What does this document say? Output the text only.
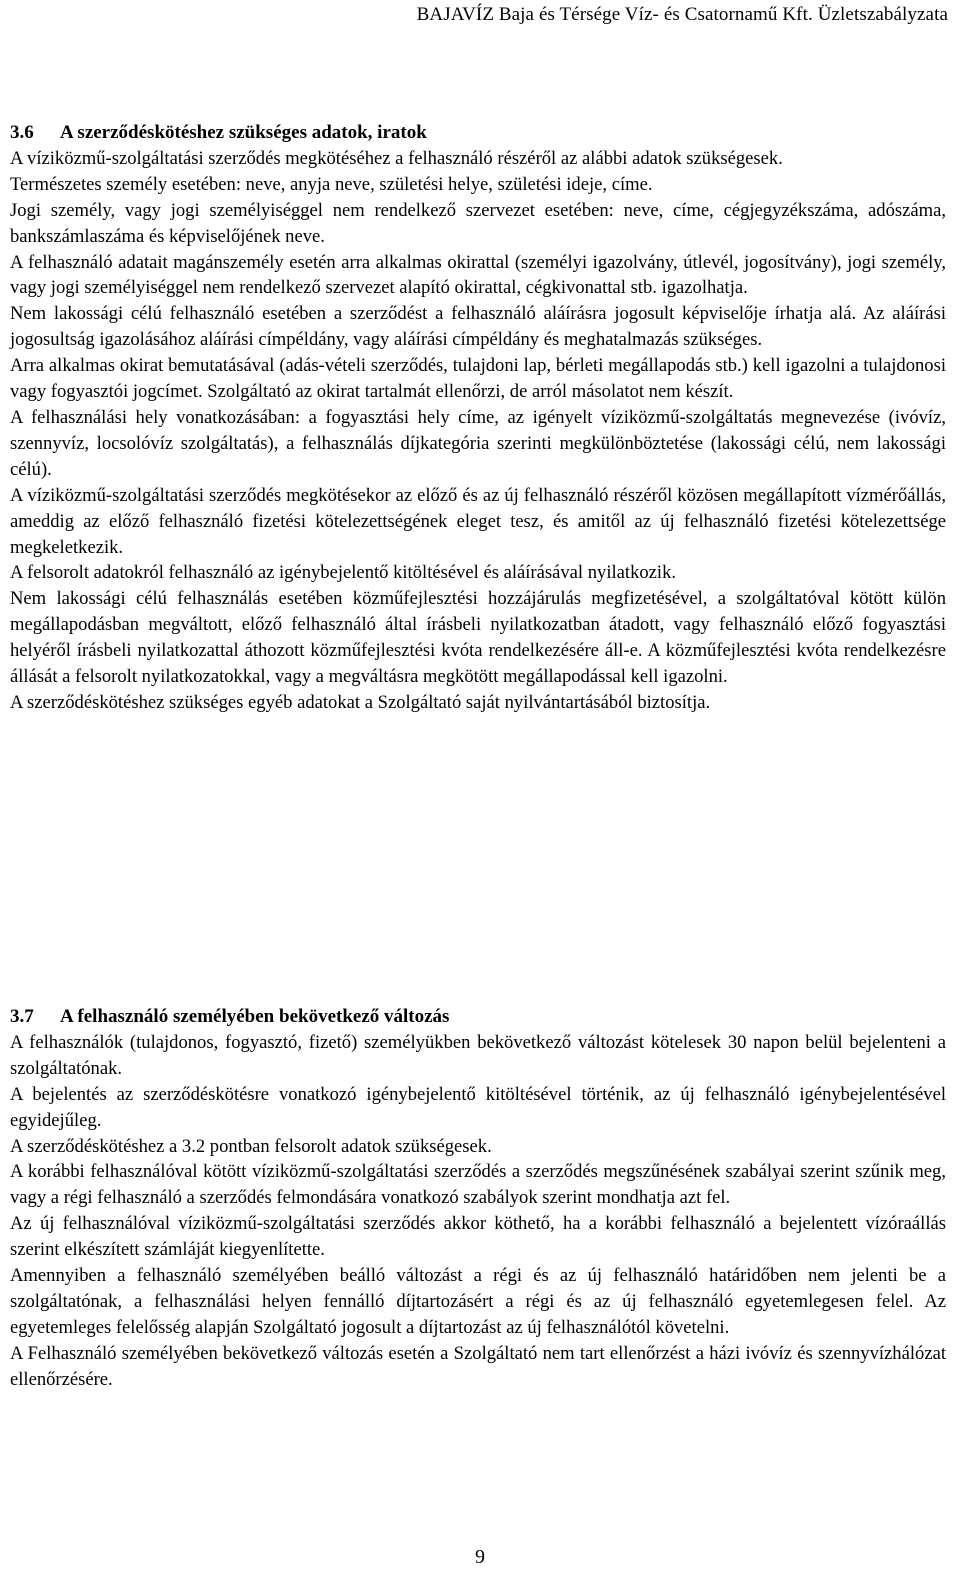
BAJAVÍZ Baja és Térsége Víz- és Csatornamű Kft. Üzletszabályzata
3.6 A szerződéskötéshez szükséges adatok, iratok

A víziközmű-szolgáltatási szerződés megkötéséhez a felhasználó részéről az alábbi adatok szükségesek.

Természetes személy esetében: neve, anyja neve, születési helye, születési ideje, címe.

Jogi személy, vagy jogi személyiséggel nem rendelkező szervezet esetében: neve, címe, cégjegyzékszáma, adószáma, bankszámlaszáma és képviselőjének neve.

A felhasználó adatait magánszemély esetén arra alkalmas okirattal (személyi igazolvány, útlevél, jogosítvány), jogi személy, vagy jogi személyiséggel nem rendelkező szervezet alapító okirattal, cégkivonattal stb. igazolhatja.

Nem lakossági célú felhasználó esetében a szerződést a felhasználó aláírásra jogosult képviselője írhatja alá. Az aláírási jogosultság igazolásához aláírási címpéldány, vagy aláírási címpéldány és meghatalmazás szükséges.

Arra alkalmas okirat bemutatásával (adás-vételi szerződés, tulajdoni lap, bérleti megállapodás stb.) kell igazolni a tulajdonosi vagy fogyasztói jogcímet. Szolgáltató az okirat tartalmát ellenőrzi, de arról másolatot nem készít.

A felhasználási hely vonatkozásában: a fogyasztási hely címe, az igényelt víziközmű-szolgáltatás megnevezése (ivóvíz, szennyvíz, locsolóvíz szolgáltatás), a felhasználás díjkategória szerinti megkülönböztetése (lakossági célú, nem lakossági célú).

A víziközmű-szolgáltatási szerződés megkötésekor az előző és az új felhasználó részéről közösen megállapított vízmérőállás, ameddig az előző felhasználó fizetési kötelezettségének eleget tesz, és amitől az új felhasználó fizetési kötelezettsége megkeletkezik.

A felsorolt adatokról felhasználó az igénybejelentő kitöltésével és aláírásával nyilatkozik.

Nem lakossági célú felhasználás esetében közműfejlesztési hozzájárulás megfizetésével, a szolgáltatóval kötött külön megállapodásban megváltott, előző felhasználó által írásbeli nyilatkozatban átadott, vagy felhasználó előző fogyasztási helyéről írásbeli nyilatkozattal áthozott közműfejlesztési kvóta rendelkezésére áll-e. A közműfejlesztési kvóta rendelkezésre állását a felsorolt nyilatkozatokkal, vagy a megváltásra megkötött megállapodással kell igazolni.

A szerződéskötéshez szükséges egyéb adatokat a Szolgáltató saját nyilvántartásából biztosítja.

3.7 A felhasználó személyében bekövetkező változás

A felhasználók (tulajdonos, fogyasztó, fizető) személyükben bekövetkező változást kötelesek 30 napon belül bejelenteni a szolgáltatónak.

A bejelentés az szerződéskötésre vonatkozó igénybejelentő kitöltésével történik, az új felhasználó igénybejelentésével egyidejűleg.

A szerződéskötéshez a 3.2 pontban felsorolt adatok szükségesek.

A korábbi felhasználóval kötött víziközmű-szolgáltatási szerződés a szerződés megszűnésének szabályai szerint szűnik meg, vagy a régi felhasználó a szerződés felmondására vonatkozó szabályok szerint mondhatja azt fel.

Az új felhasználóval víziközmű-szolgáltatási szerződés akkor köthető, ha a korábbi felhasználó a bejelentett vízóraállás szerint elkészített számláját kiegyenlítette.

Amennyiben a felhasználó személyében beálló változást a régi és az új felhasználó határidőben nem jelenti be a szolgáltatónak, a felhasználási helyen fennálló díjtartozásért a régi és az új felhasználó egyetemlegesen felel. Az egyetemleges felelősség alapján Szolgáltató jogosult a díjtartozást az új felhasználótól követelni.

A Felhasználó személyében bekövetkező változás esetén a Szolgáltató nem tart ellenőrzést a házi ivóvíz és szennyvízhálózat ellenőrzésére.

9
